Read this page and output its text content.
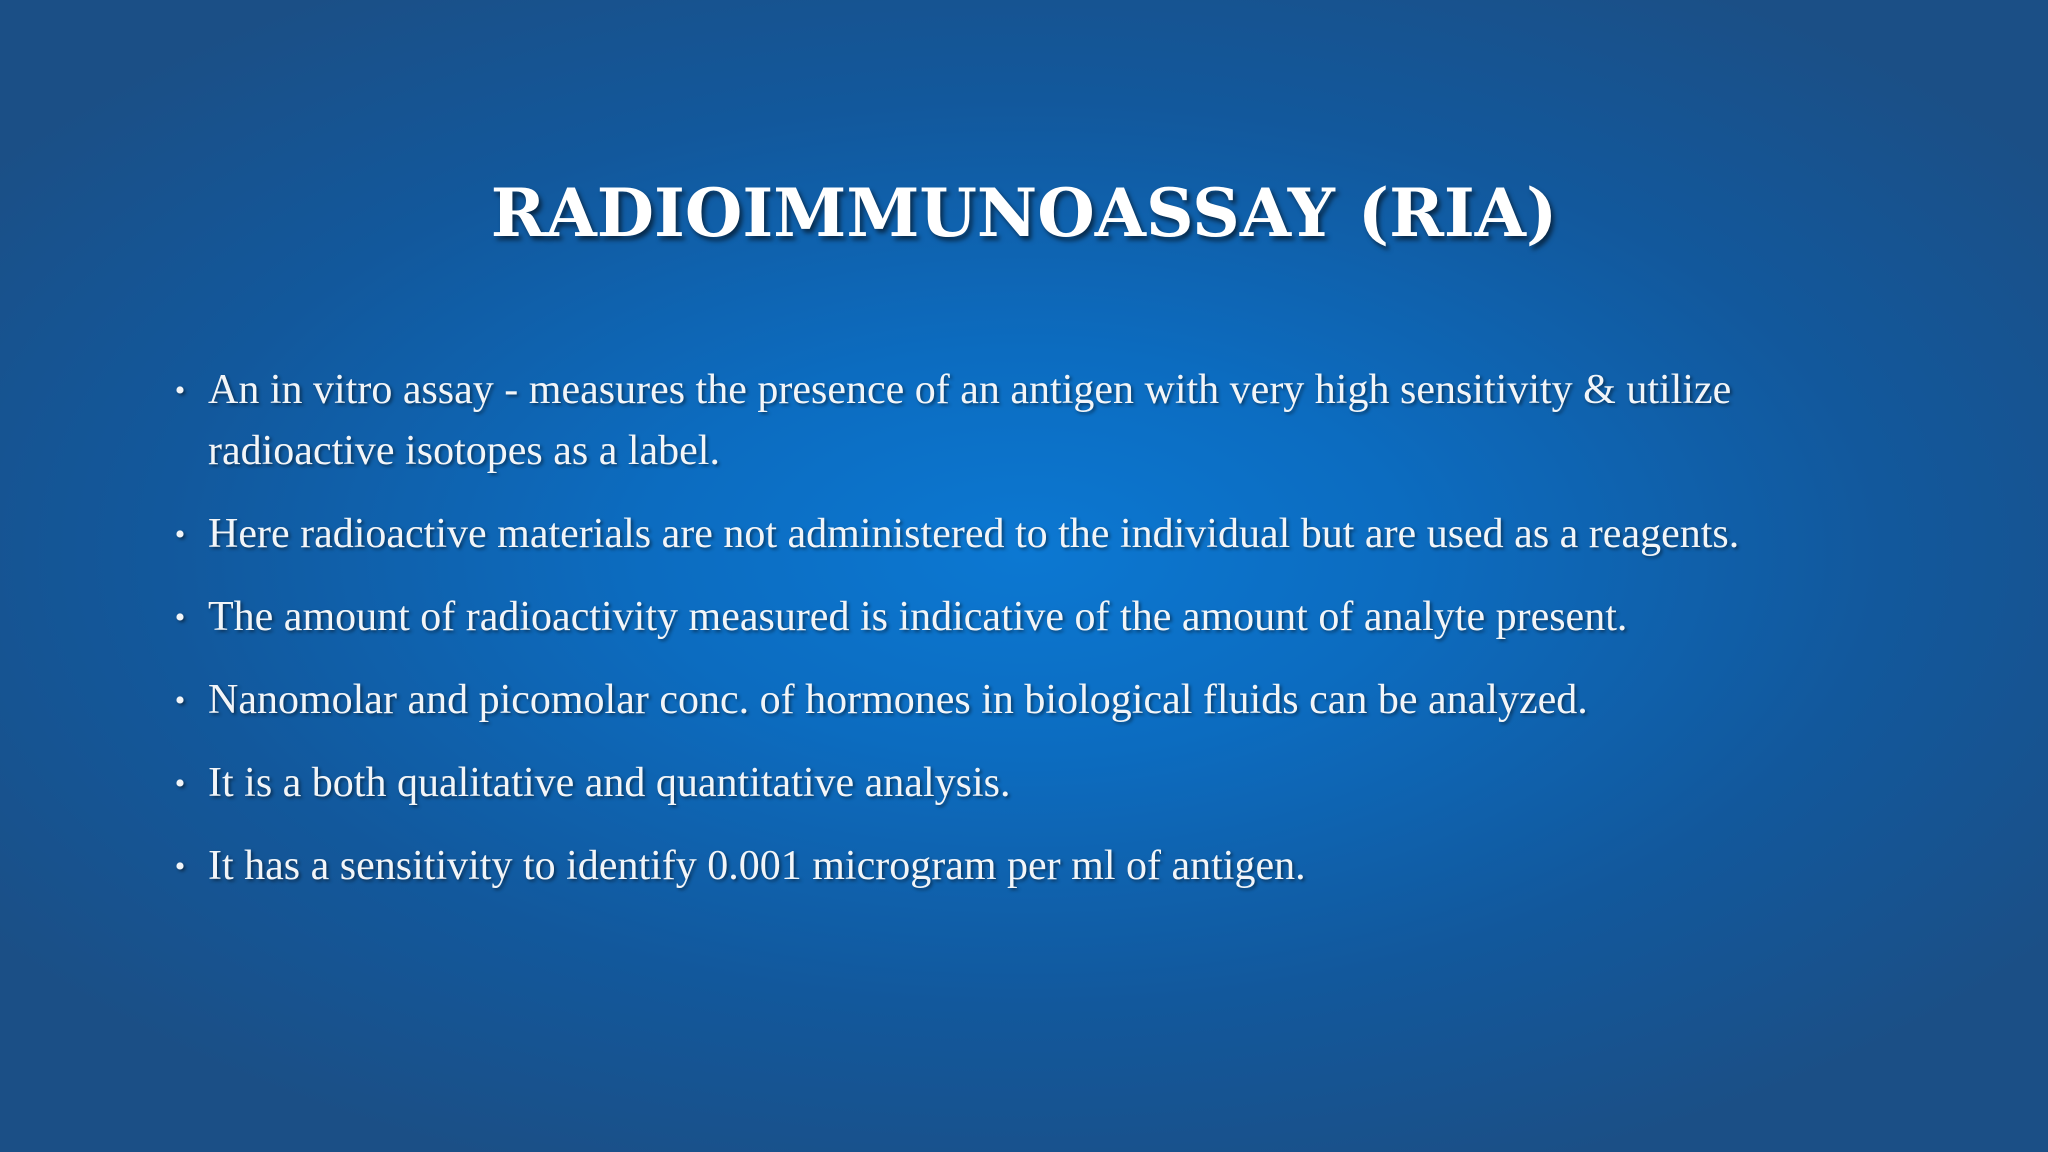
RADIOIMMUNOASSAY (RIA)
• An in vitro assay - measures the presence of an antigen with very high sensitivity & utilize radioactive isotopes as a label.
• Here radioactive materials are not administered to the individual but are used as a reagents.
• The amount of radioactivity measured is indicative of the amount of analyte present.
• Nanomolar and picomolar conc. of hormones in biological fluids can be analyzed.
• It is a both qualitative and quantitative analysis.
• It has a sensitivity to identify 0.001 microgram per ml of antigen.
